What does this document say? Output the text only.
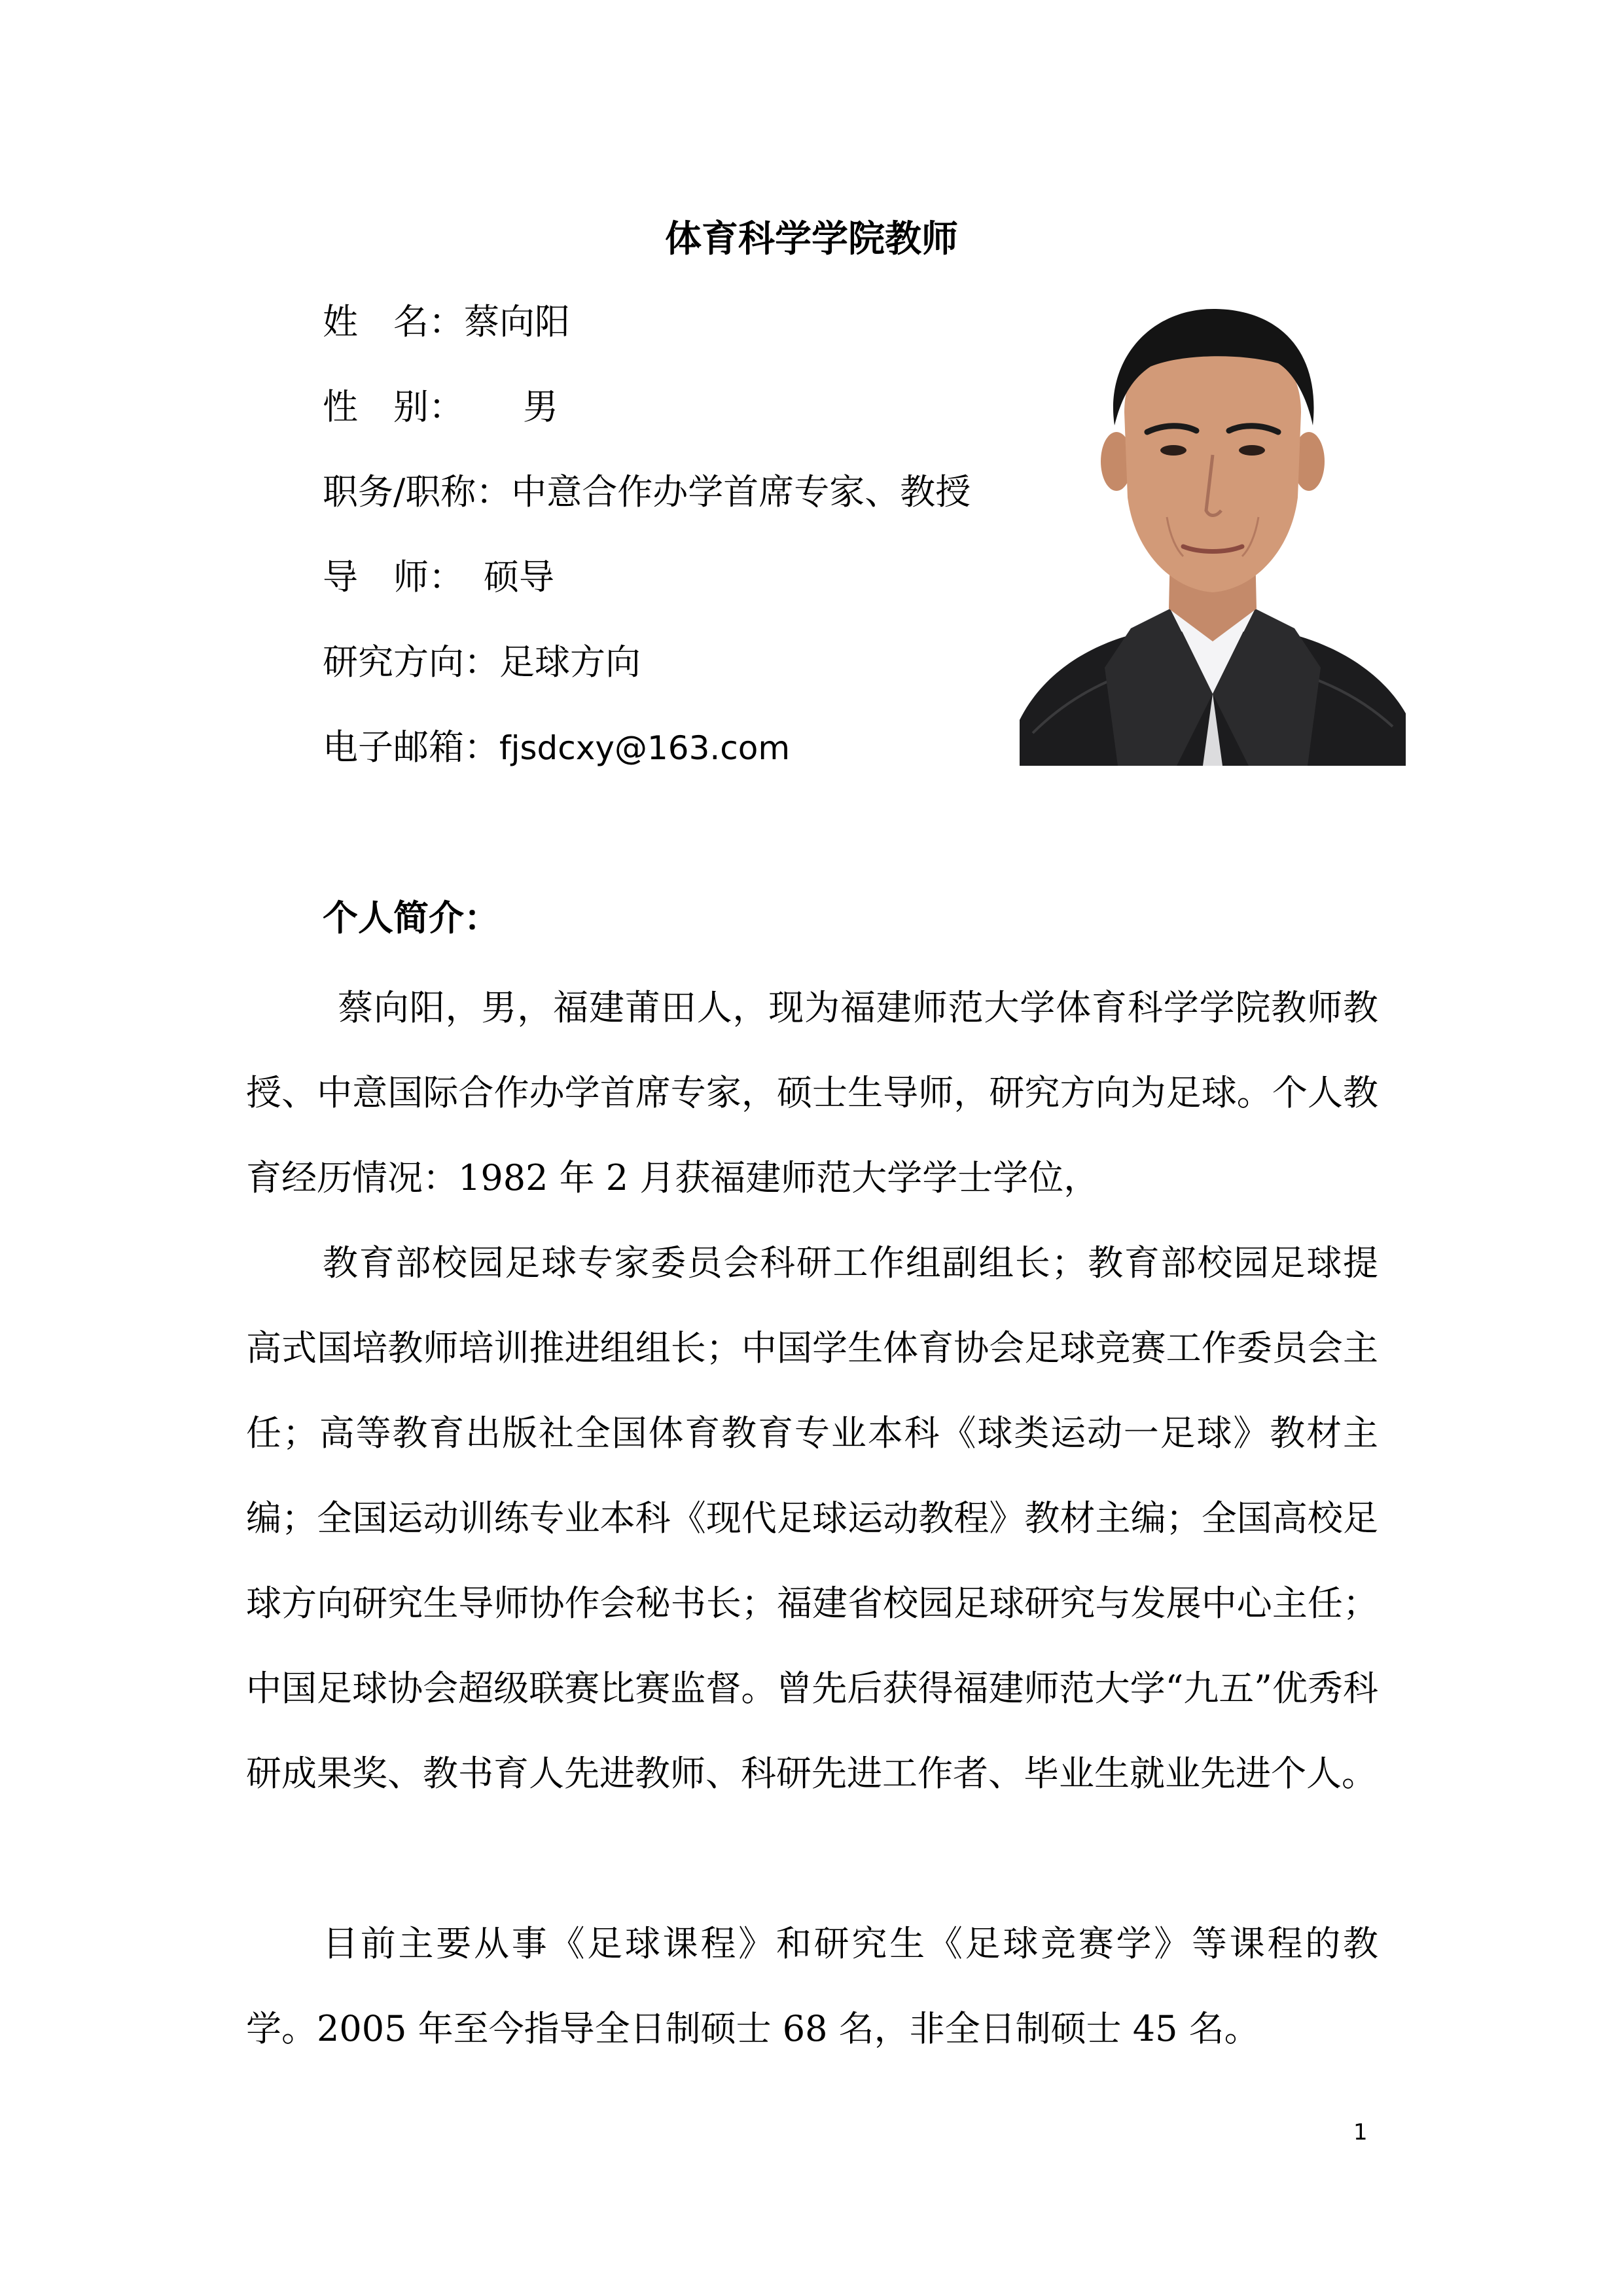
体育科学学院教师
姓　名：蔡向阳
性　别： 男
职务/职称：中意合作办学首席专家、教授
导　师： 硕导
研究方向：足球方向
电子邮箱：fjsdcxy@163.com
个人简介：

蔡向阳，男，福建莆田人，现为福建师范大学体育科学学院教师教授、中意国际合作办学首席专家，硕士生导师，研究方向为足球。个人教育经历情况：1982 年 2 月获福建师范大学学士学位，

教育部校园足球专家委员会科研工作组副组长；教育部校园足球提高式国培教师培训推进组组长；中国学生体育协会足球竞赛工作委员会主任；高等教育出版社全国体育教育专业本科《球类运动一足球》教材主编；全国运动训练专业本科《现代足球运动教程》教材主编；全国高校足球方向研究生导师协作会秘书长；福建省校园足球研究与发展中心主任；中国足球协会超级联赛比赛监督。曾先后获得福建师范大学“九五”优秀科研成果奖、教书育人先进教师、科研先进工作者、毕业生就业先进个人。

目前主要从事《足球课程》和研究生《足球竞赛学》等课程的教学。2005 年至今指导全日制硕士 68 名，非全日制硕士 45 名。

1
